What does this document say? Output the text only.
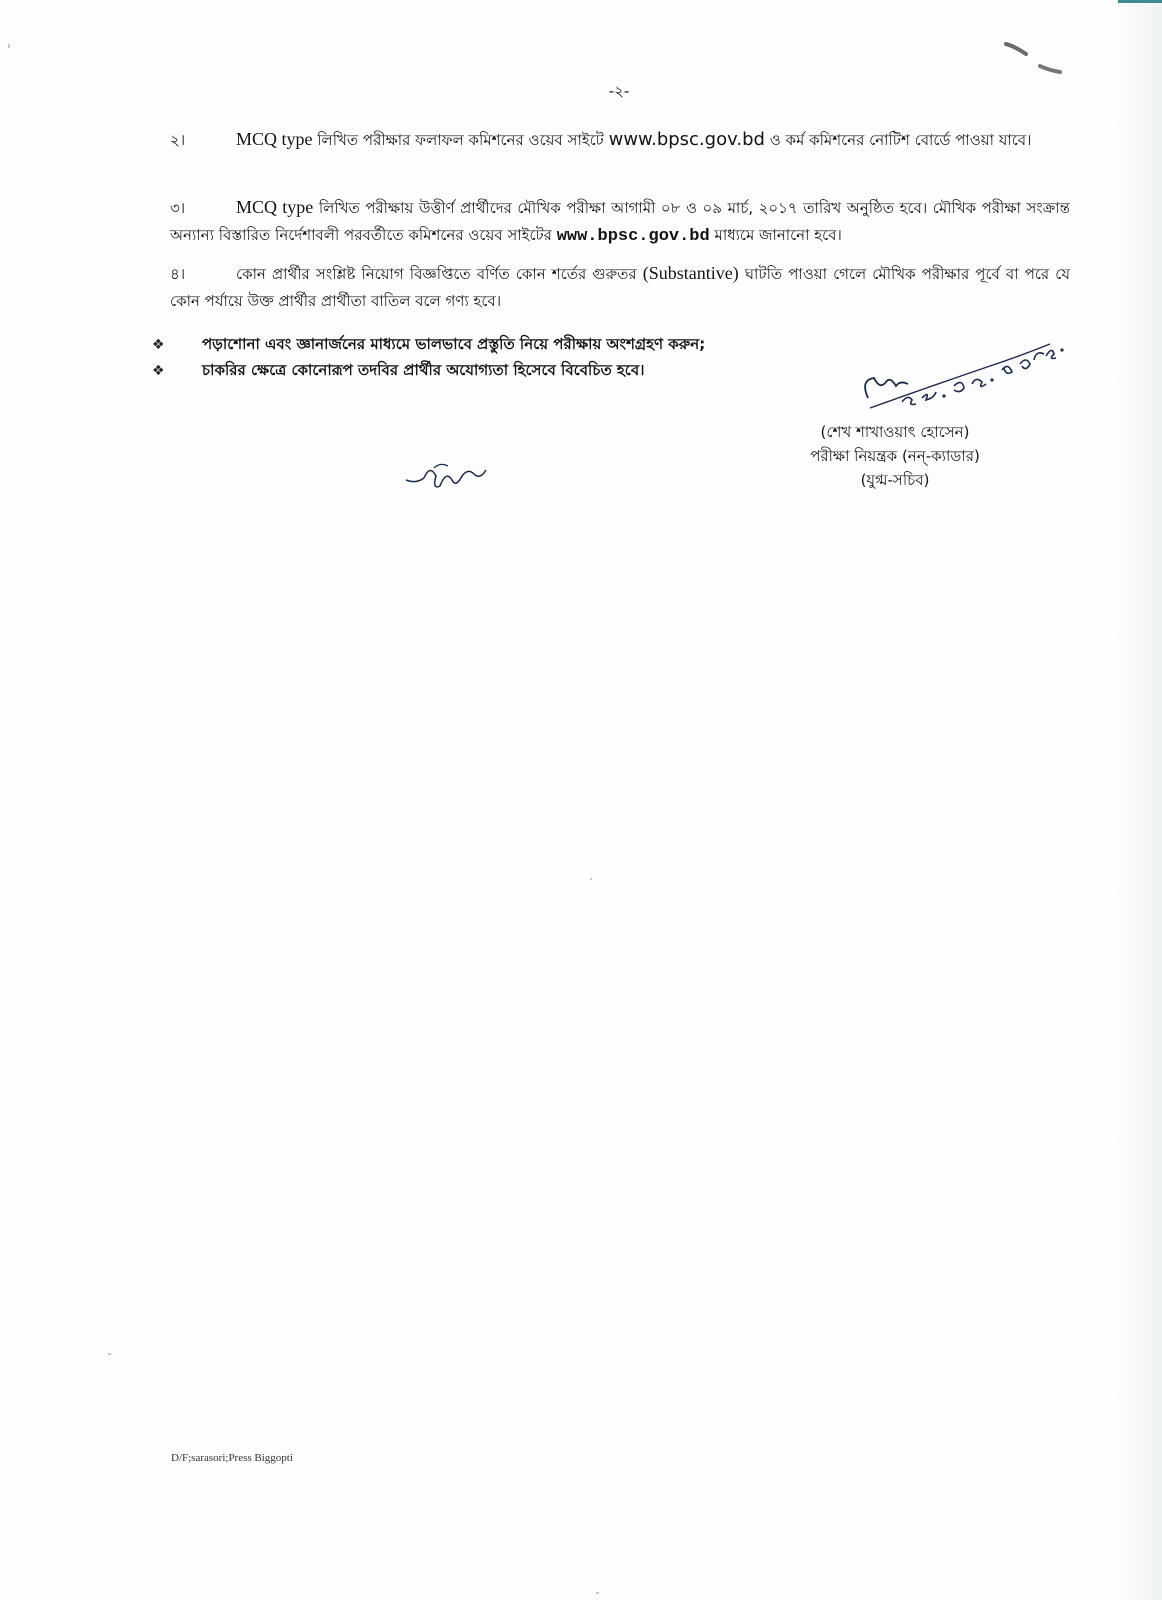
-২-
২।	MCQ type লিখিত পরীক্ষার ফলাফল কমিশনের ওয়েব সাইটে www.bpsc.gov.bd ও কর্ম কমিশনের নোটিশ বোর্ডে পাওয়া যাবে।
৩।	MCQ type লিখিত পরীক্ষায় উত্তীর্ণ প্রার্থীদের মৌখিক পরীক্ষা আগামী ০৮ ও ০৯ মার্চ, ২০১৭ তারিখ অনুষ্ঠিত হবে। মৌখিক পরীক্ষা সংক্রান্ত অন্যান্য বিস্তারিত নির্দেশাবলী পরবর্তীতে কমিশনের ওয়েব সাইটের www.bpsc.gov.bd মাধ্যমে জানানো হবে।
৪।	কোন প্রার্থীর সংশ্লিষ্ট নিয়োগ বিজ্ঞপ্তিতে বর্ণিত কোন শর্তের গুরুতর (Substantive) ঘাটতি পাওয়া গেলে মৌখিক পরীক্ষার পূর্বে বা পরে যে কোন পর্যায়ে উক্ত প্রার্থীর প্রার্থীতা বাতিল বলে গণ্য হবে।
❖	পড়াশোনা এবং জ্ঞানার্জনের মাধ্যমে ভালভাবে প্রস্তুতি নিয়ে পরীক্ষায় অংশগ্রহণ করুন;
❖	চাকরির ক্ষেত্রে কোনোরূপ তদবির প্রার্থীর অযোগ্যতা হিসেবে বিবেচিত হবে।
(শেখ শাখাওয়াৎ হোসেন)
পরীক্ষা নিয়ন্ত্রক (নন্-ক্যাডার)
(যুগ্ম-সচিব)
D/F;sarasori;Press Biggopti
